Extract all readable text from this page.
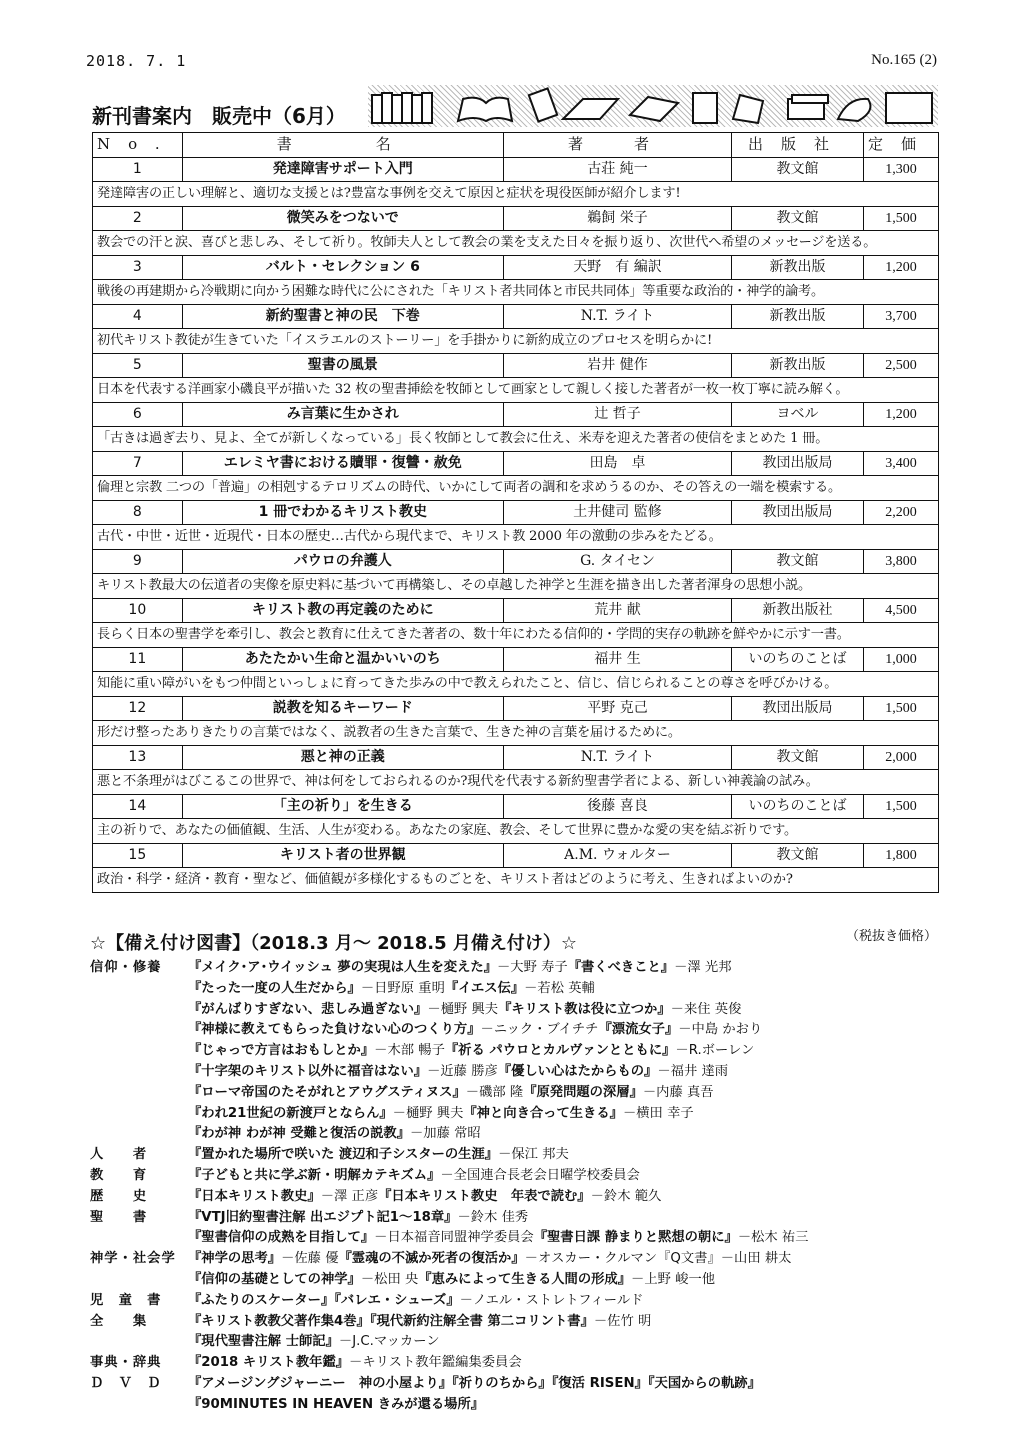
2018. 7. 1	No.165 (2)
新刊書案内　販売中（6月）
No.	書　　名	著　者	出版社	定価
1	発達障害サポート入門	古荘 純一	教文館	1,300
発達障害の正しい理解と、適切な支援とは?豊富な事例を交えて原因と症状を現役医師が紹介します!				
2	微笑みをつないで	鵜飼 栄子	教文館	1,500
教会での汗と涙、喜びと悲しみ、そして祈り。牧師夫人として教会の業を支えた日々を振り返り、次世代へ希望のメッセージを送る。				
3	バルト・セレクション 6	天野　有 編訳	新教出版	1,200
戦後の再建期から冷戦期に向かう困難な時代に公にされた「キリスト者共同体と市民共同体」等重要な政治的・神学的論考。				
4	新約聖書と神の民　下巻	N.T. ライト	新教出版	3,700
初代キリスト教徒が生きていた「イスラエルのストーリー」を手掛かりに新約成立のプロセスを明らかに!				
5	聖書の風景	岩井 健作	新教出版	2,500
日本を代表する洋画家小磯良平が描いた 32 枚の聖書挿絵を牧師として画家として親しく接した著者が一枚一枚丁寧に読み解く。				
6	み言葉に生かされ	辻 哲子	ヨベル	1,200
「古きは過ぎ去り、見よ、全てが新しくなっている」長く牧師として教会に仕え、米寿を迎えた著者の使信をまとめた 1 冊。				
7	エレミヤ書における贖罪・復讐・赦免	田島　卓	教団出版局	3,400
倫理と宗教 二つの「普遍」の相剋するテロリズムの時代、いかにして両者の調和を求めうるのか、その答えの一端を模索する。				
8	1 冊でわかるキリスト教史	土井健司 監修	教団出版局	2,200
古代・中世・近世・近現代・日本の歴史…古代から現代まで、キリスト教 2000 年の激動の歩みをたどる。				
9	パウロの弁護人	G. タイセン	教文館	3,800
キリスト教最大の伝道者の実像を原史料に基づいて再構築し、その卓越した神学と生涯を描き出した著者渾身の思想小説。				
10	キリスト教の再定義のために	荒井 献	新教出版社	4,500
長らく日本の聖書学を牽引し、教会と教育に仕えてきた著者の、数十年にわたる信仰的・学問的実存の軌跡を鮮やかに示す一書。				
11	あたたかい生命と温かいいのち	福井 生	いのちのことば	1,000
知能に重い障がいをもつ仲間といっしょに育ってきた歩みの中で教えられたこと、信じ、信じられることの尊さを呼びかける。				
12	説教を知るキーワード	平野 克己	教団出版局	1,500
形だけ整ったありきたりの言葉ではなく、説教者の生きた言葉で、生きた神の言葉を届けるために。				
13	悪と神の正義	N.T. ライト	教文館	2,000
悪と不条理がはびこるこの世界で、神は何をしておられるのか?現代を代表する新約聖書学者による、新しい神義論の試み。				
14	「主の祈り」を生きる	後藤 喜良	いのちのことば	1,500
主の祈りで、あなたの価値観、生活、人生が変わる。あなたの家庭、教会、そして世界に豊かな愛の実を結ぶ祈りです。				
15	キリスト者の世界観	A.M. ウォルター	教文館	1,800
政治・科学・経済・教育・聖など、価値観が多様化するものごとを、キリスト者はどのように考え、生きればよいのか?				
☆【備え付け図書】（2018.3 月～ 2018.5 月備え付け）☆	（税抜き価格）
信仰・修養	『メイク･ア･ウイッシュ 夢の実現は人生を変えた』－大野 寿子『書くべきこと』－澤 光邦
『たった一度の人生だから』－日野原 重明『イエス伝』－若松 英輔
『がんばりすぎない、悲しみ過ぎない』－樋野 興夫『キリスト教は役に立つか』－来住 英俊
『神様に教えてもらった負けない心のつくり方』－ニック・ブイチチ『漂流女子』－中島 かおり
『じゃっで方言はおもしとか』－木部 暢子『祈る パウロとカルヴァンとともに』－R.ボーレン
『十字架のキリスト以外に福音はない』－近藤 勝彦『優しい心はたからもの』－福井 達雨
『ローマ帝国のたそがれとアウグスティヌス』－磯部 隆『原発問題の深層』－内藤 真吾
『われ21世紀の新渡戸とならん』－樋野 興夫『神と向き合って生きる』－横田 幸子
『わが神 わが神 受難と復活の説教』－加藤 常昭
人　　者	『置かれた場所で咲いた 渡辺和子シスターの生涯』－保江 邦夫
教　　育	『子どもと共に学ぶ新・明解カテキズム』－全国連合長老会日曜学校委員会
歴　　史	『日本キリスト教史』－澤 正彦『日本キリスト教史　年表で読む』－鈴木 範久
聖　　書	『VTJ旧約聖書注解 出エジプト記1～18章』－鈴木 佳秀
『聖書信仰の成熟を目指して』－日本福音同盟神学委員会『聖書日課 静まりと黙想の朝に』－松木 祐三
神学・社会学 『神学の思考』－佐藤 優『霊魂の不滅か死者の復活か』－オスカー・クルマン『Q文書』－山田 耕太
『信仰の基礎としての神学』－松田 央『恵みによって生きる人間の形成』－上野 峻一他
児　童　書	『ふたりのスケーター』『バレエ・シューズ』－ノエル・ストレトフィールド
全　　集	『キリスト教教父著作集4巻』『現代新約注解全書 第二コリント書』－佐竹 明
『現代聖書注解 士師記』－J.C.マッカーン
事典・辞典	『2018 キリスト教年鑑』－キリスト教年鑑編集委員会
Ｄ　Ｖ　Ｄ	『アメージングジャーニー　神の小屋より』『祈りのちから』『復活 RISEN』『天国からの軌跡』
『90MINUTES IN HEAVEN きみが還る場所』
